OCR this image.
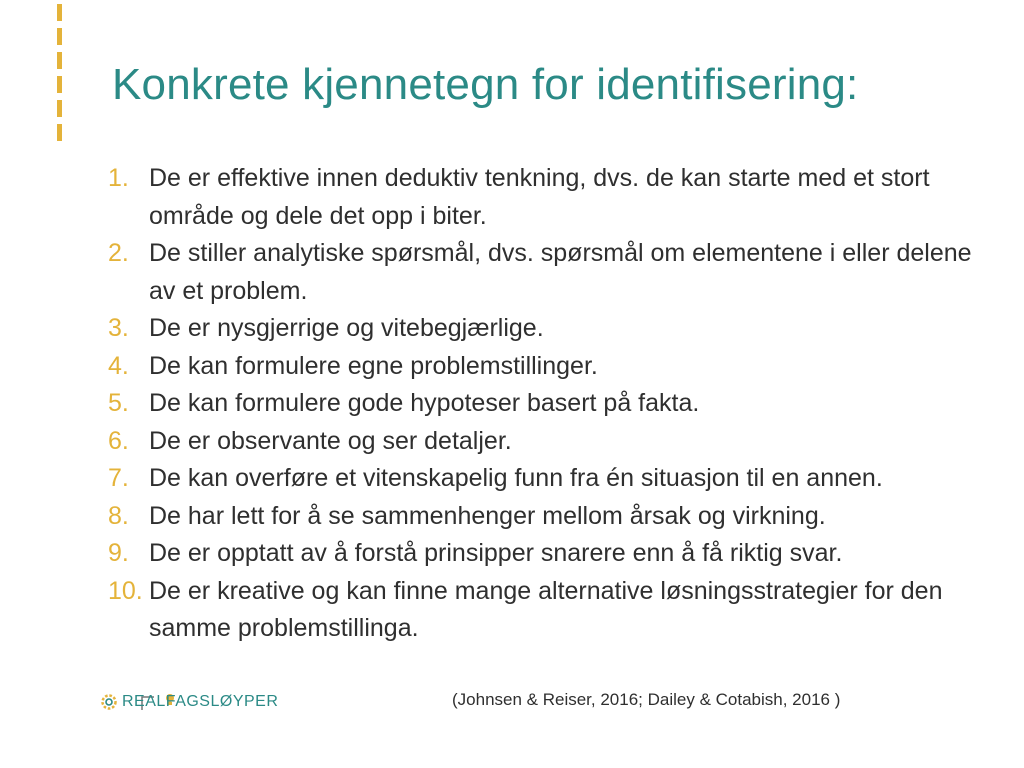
Konkrete kjennetegn for identifisering:
1. De er effektive innen deduktiv tenkning, dvs. de kan starte med et stort område og dele det opp i biter.
2. De stiller analytiske spørsmål, dvs. spørsmål om elementene i eller delene av et problem.
3. De er nysgjerrige og vitebegjærlige.
4. De kan formulere egne problemstillinger.
5. De kan formulere gode hypoteser basert på fakta.
6. De er observante og ser detaljer.
7. De kan overføre et vitenskapelig funn fra én situasjon til en annen.
8. De har lett for å se sammenhenger mellom årsak og virkning.
9. De er opptatt av å forstå prinsipper snarere enn å få riktig svar.
10. De er kreative og kan finne mange alternative løsningsstrategier for den samme problemstillinga.
(Johnsen & Reiser, 2016; Dailey & Cotabish, 2016 )
REALFAGSLØYPER
